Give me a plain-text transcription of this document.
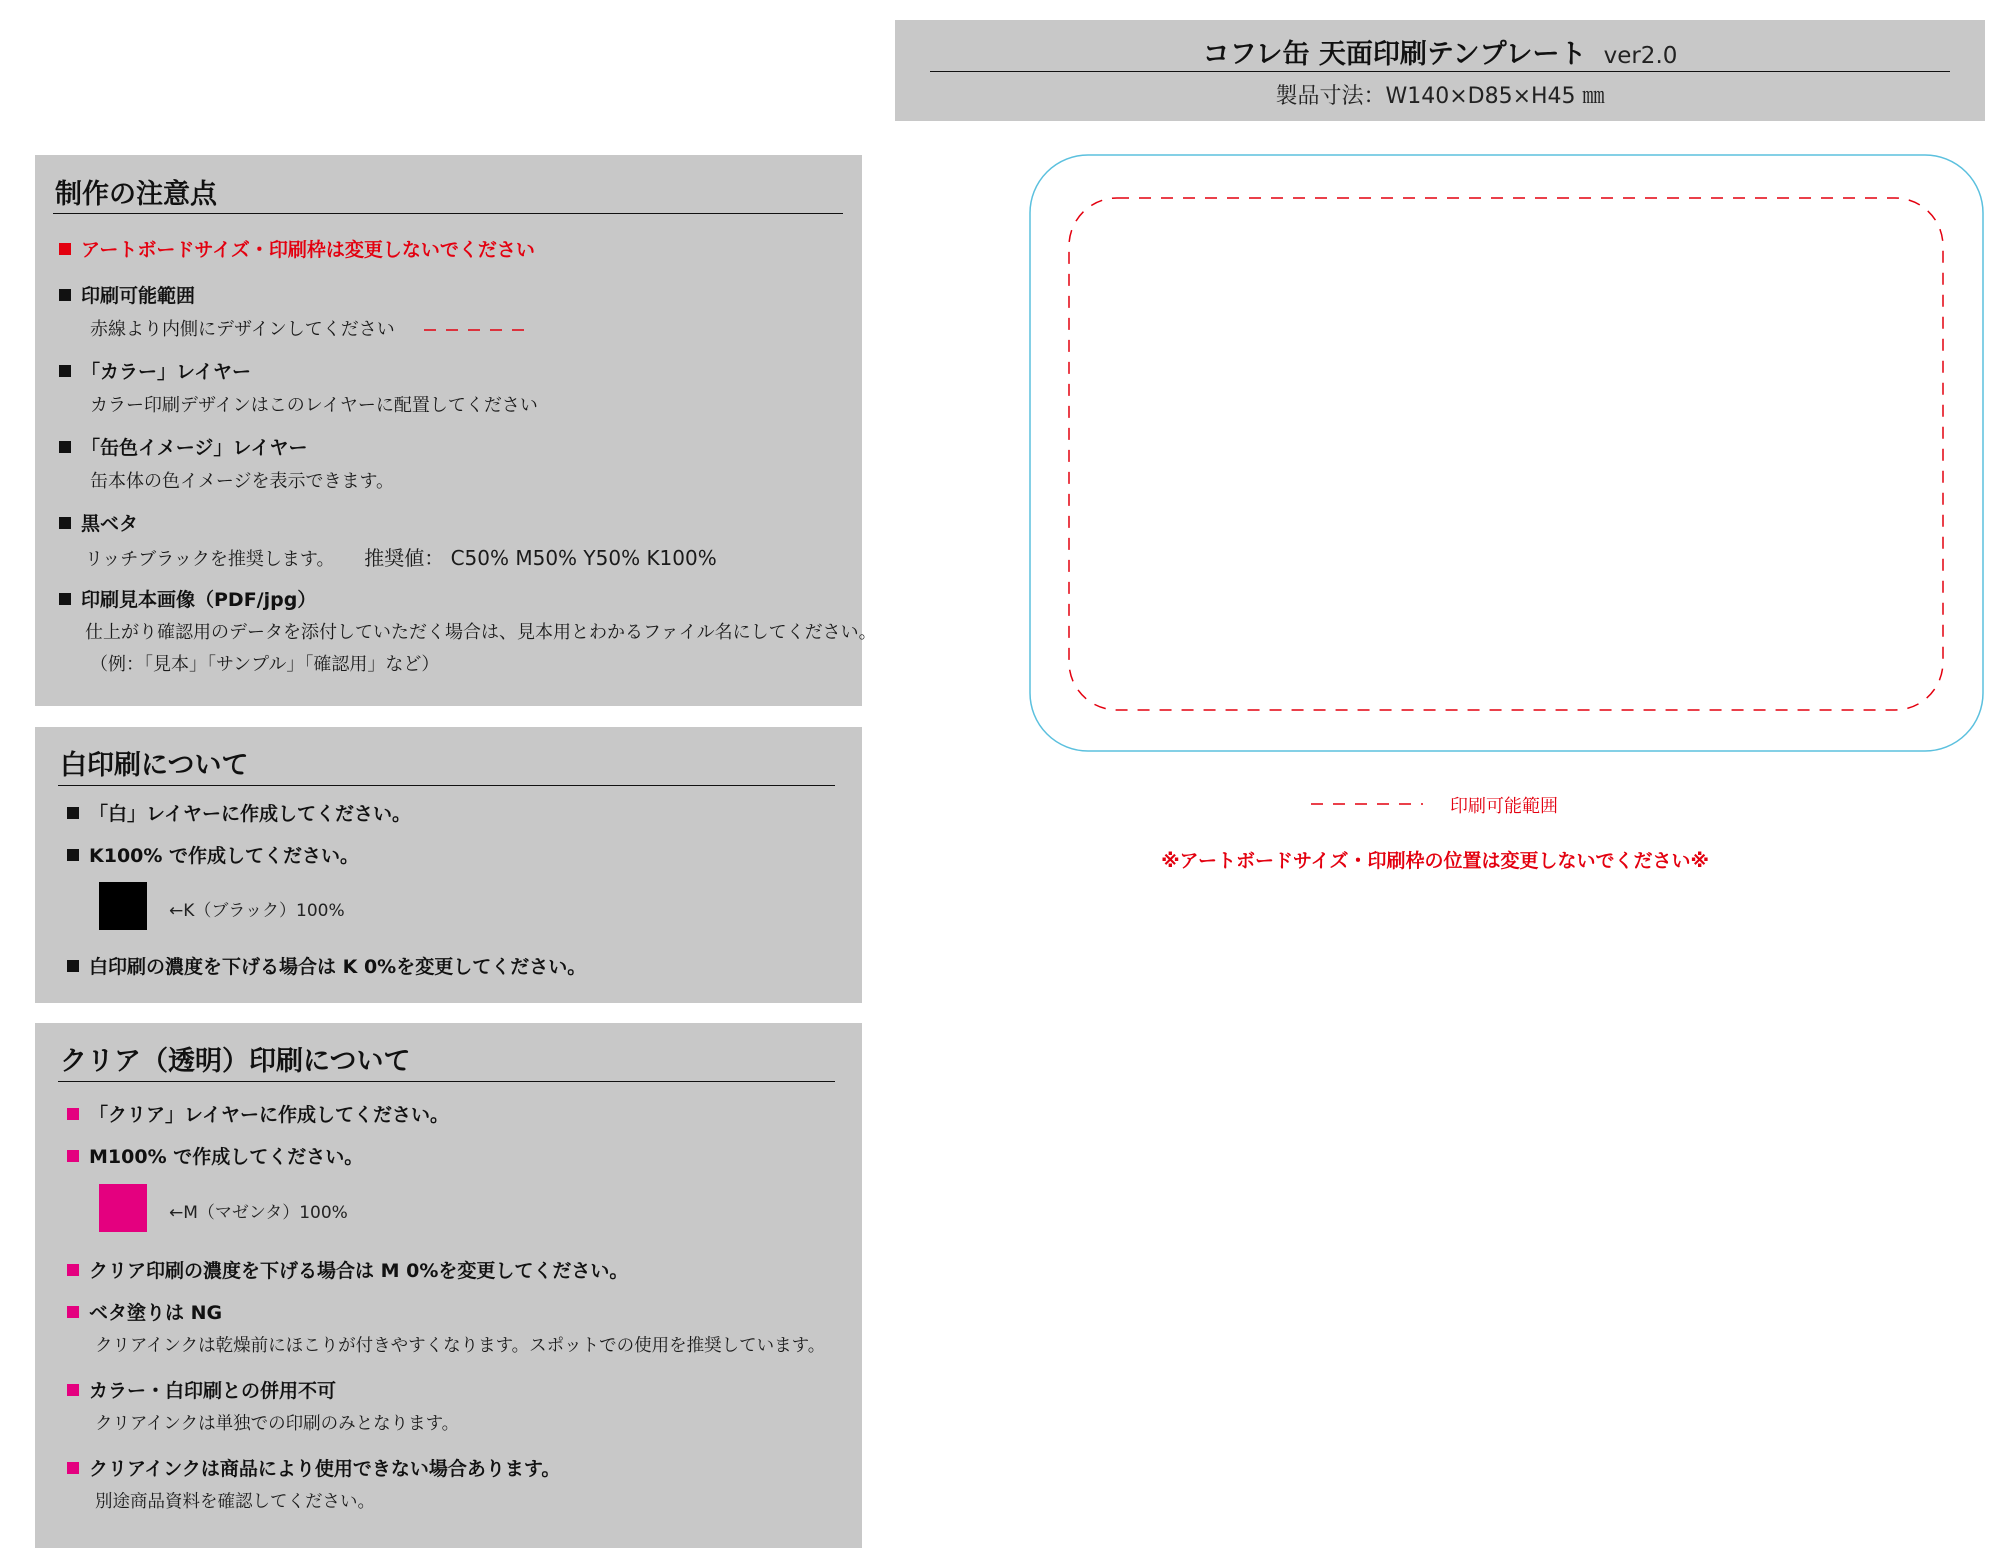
コフレ缶 天面印刷テンプレート ver2.0
製品寸法：W140×D85×H45 ㎜
制作の注意点
アートボードサイズ・印刷枠は変更しないでください
印刷可能範囲
赤線より内側にデザインしてください
「カラー」レイヤー
カラー印刷デザインはこのレイヤーに配置してください
「缶色イメージ」レイヤー
缶本体の色イメージを表示できます。
黒ベタ
リッチブラックを推奨します。 推奨値： C50% M50% Y50% K100%
印刷見本画像（PDF/jpg）
仕上がり確認用のデータを添付していただく場合は、見本用とわかるファイル名にしてください。
（例：「見本」「サンプル」「確認用」など）
白印刷について
「白」レイヤーに作成してください。
K100% で作成してください。
←K（ブラック）100%
白印刷の濃度を下げる場合は K 0%を変更してください。
クリア（透明）印刷について
「クリア」レイヤーに作成してください。
M100% で作成してください。
←M（マゼンタ）100%
クリア印刷の濃度を下げる場合は M 0%を変更してください。
ベタ塗りは NG
クリアインクは乾燥前にほこりが付きやすくなります。スポットでの使用を推奨しています。
カラー・白印刷との併用不可
クリアインクは単独での印刷のみとなります。
クリアインクは商品により使用できない場合あります。
別途商品資料を確認してください。
印刷可能範囲
※アートボードサイズ・印刷枠の位置は変更しないでください※
